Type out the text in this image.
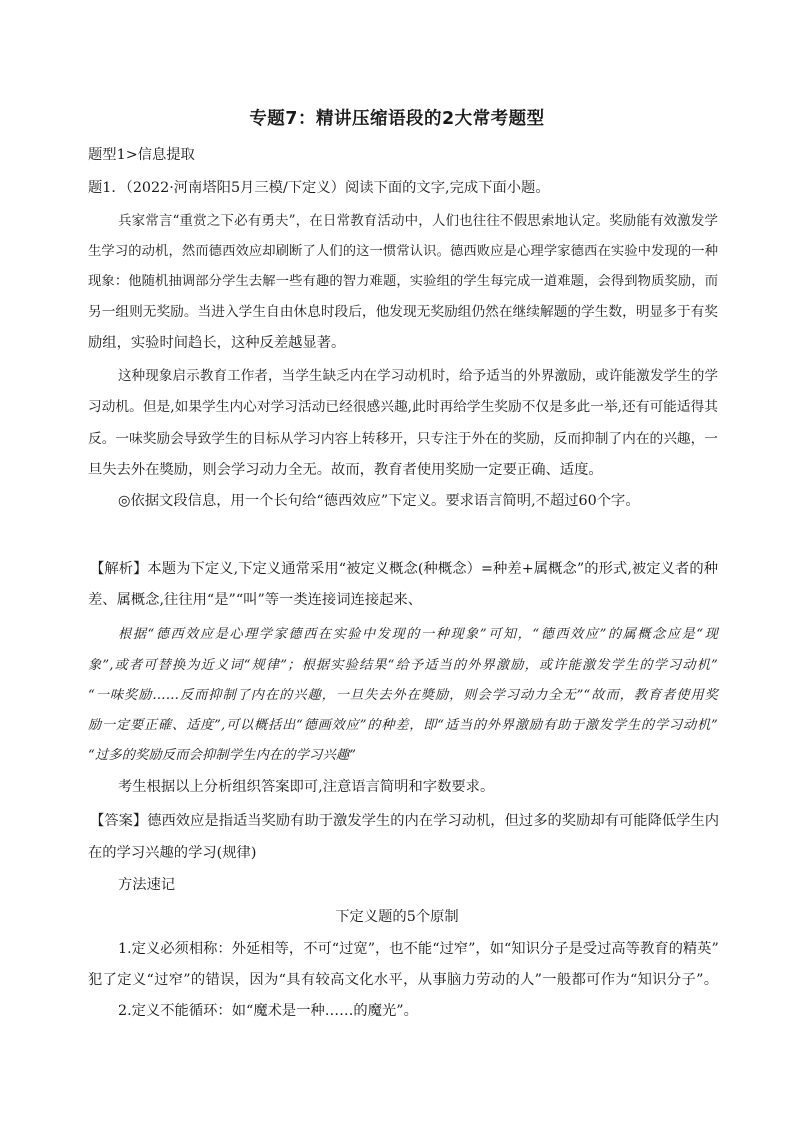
专题7：精讲压缩语段的2大常考题型
题型1>信息提取
题1．（2022·河南塔阳5月三模/下定义）阅读下面的文字,完成下面小题。
兵家常言“重赏之下必有勇夫”，在日常教育活动中，人们也往往不假思索地认定。奖励能有效激发学
生学习的动机，然而德西效应却刷断了人们的这一惯常认识。德西败应是心理学家德西在实验中发现的一种
现象：他随机抽调部分学生去解一些有趣的智力难题，实验组的学生每完成一道难题，会得到物质奖励，而
另一组则无奖励。当进入学生自由休息时段后，他发现无奖励组仍然在继续解题的学生数，明显多于有奖
励组，实验时间趋长，这种反差越显著。
这种现象启示教育工作者，当学生缺乏内在学习动机时，给予适当的外界激励，或许能激发学生的学
习动机。但是,如果学生内心对学习活动已经很感兴趣,此时再给学生奖励不仅是多此一举,还有可能适得其
反。一味奖励会导致学生的目标从学习内容上转移开，只专注于外在的奖励，反而抑制了内在的兴趣，一
旦失去外在獎励，则会学习动力全无。故而，教育者使用奖励一定要正确、适度。
◎依据文段信息，用一个长句给“德西效应”下定义。要求语言简明,不超过60个字。
【解析】本题为下定义,下定义通常采用“被定义概念(种概念）=种差+属概念”的形式,被定义者的种
差、属概念,往往用“是”“叫”等一类连接词连接起来、
根据“德西效应是心理学家德西在实验中发现的一种现象”可知，“德西效应”的属概念应是“现
象”,或者可替换为近义词“规律”；根据实验结果“给予适当的外界激励，或许能激发学生的学习动机”
“一味奖励……反而抑制了内在的兴趣，一旦失去外在獎励，则会学习动力全无”“故而，教育者使用奖
励一定要正確、适度”,可以概括出“德画效应”的种差，即“适当的外界激励有助于激发学生的学习动机”
“过多的奖励反而会抑制学生内在的学习兴趣”
考生根据以上分析组织答案即可,注意语言简明和字数要求。
【答案】德西效应是指适当奖励有助于激发学生的内在学习动机，但过多的奖励却有可能降低学生内
在的学习兴趣的学习(规律)
方法速记
下定义题的5个原制
1.定义必须相称：外延相等，不可“过宽”，也不能“过窄”，如“知识分子是受过高等教育的精英”
犯了定义“过窄”的错误，因为“具有较高文化水平，从事脑力劳动的人”一般都可作为“知识分子”。
2.定义不能循环：如“魔术是一种……的魔光”。
